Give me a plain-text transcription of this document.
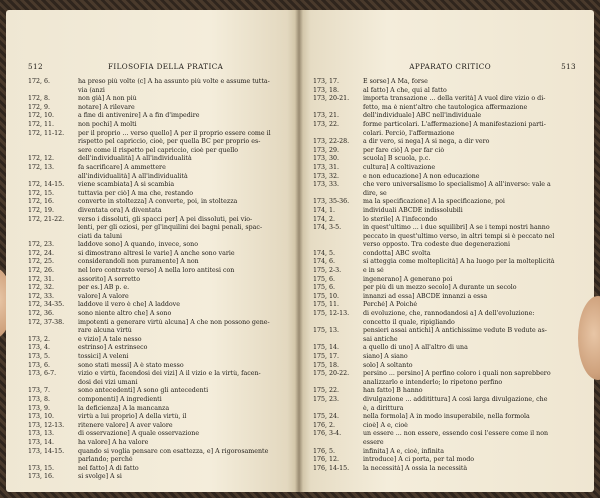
512	FILOSOFIA DELLA PRATICA
172, 6.	ha preso più volte (c] A ha assunto più volte e assume tutta-
via (anzi
172, 8.	non già] A non più
172, 9.	notare] A rilevare
172, 10.	a fine di antivenire] A a fin d'impedire
172, 11.	non pochi] A molti
172, 11-12.	per il proprio ... verso quello] A per il proprio essere come il
rispetto pel capriccio, cioè, per quella BC per proprio es-
sere come il rispetto pel capriccio, cioè per quello
172, 12.	dell'individualità] A all'individualità
172, 13.	fa sacrificare] A ammettere
all'individualità] A all'individualità
172, 14-15.	viene scambiata] A si scambia
172, 15.	tuttavia per ciò] A ma che, restando
172, 16.	converte in stoltezza] A converte, poi, in stoltezza
172, 19.	diventata ora] A diventata
172, 21-22.	verso i dissoluti, gli spacci per] A pei dissoluti, pei vio-
lenti, per gli oziosi, per gl'inquilini dei bagni penali, spac-
ciati da taluni
172, 23.	laddove sono] A quando, invece, sono
172, 24.	si dimostrano altresì le varie] A anche sono varie
172, 25.	considerandoli non puramente] A non
172, 26.	nel loro contrasto verso] A nella loro antitesi con
172, 31.	assorito] A sorretto
172, 32.	per es.] AB p. e.
172, 33.	valore] A valore
172, 34-35.	laddove il vero è che] A laddove
172, 36.	sono niente altro che] A sono
172, 37-38.	impotenti a generare virtù alcuna] A che non possono gene-
rare alcuna virtù
173, 2.	e vizio] A tale nesso
173, 4.	estrinso] A estrinseco
173, 5.	tossici] A veleni
173, 6.	sono stati messi] A è stato messo
173, 6-7.	vizio e virtù, facendosi dei vizi] A il vizio e la virtù, facen-
dosi dei vizi umani
173, 7.	sono antecedenti] A sono gli antecedenti
173, 8.	componenti] A ingredienti
173, 9.	la deficienza] A la mancanza
173, 10.	virtù a lui proprio] A della virtù, il
173, 12-13.	ritenere valore] A aver valore
173, 13.	di osservazione] A quale osservazione
173, 14.	ha valore] A ha valore
173, 14-15.	quando si voglia pensare con esattezza, e] A rigorosamente
parlando; perché
173, 15.	nel fatto] A di fatto
173, 16.	si svolge] A si
APPARATO CRITICO	513
173, 17.	E sorse] A Ma, forse
173, 18.	al fatto] A che, qui al fatto
173, 20-21.	importa transazione ... della verità] A vuol dire vizio o di-
fetto, ma è nient'altro che tautologica affermazione
173, 21.	dell'individuale] ABC nell'individuale
173, 22.	forme particolari. L'affermazione] A manifestazioni parti-
colari. Perciò, l'affermazione
173, 22-28.	a dir vero, si nega] A si nega, a dir vero
173, 29.	per fare ciò] A per far ciò
173, 30.	scuola] B scuola, p.c.
173, 31.	cultura] A coltivazione
173, 32.	e non educazione] A non educazione
173, 33.	che vero universalismo lo specialismo] A all'inverso: vale a
dire, se
173, 35-36.	ma la specificazione] A la specificazione, poi
174, 1.	individuali ABCDE indissolubili
174, 2.	lo sterile] A l'infecondo
174, 3-5.	in quest'ultimo ... i due squilibri] A se i tempi nostri hanno
peccato in quest'ultimo verso, in altri tempi si è peccato nel
verso opposto. Tra codeste due degenerazioni
174, 5.	condotta] ABC svolta
174, 6.	si atteggia come molteplicità] A ha luogo per la molteplicità
175, 2-3.	e in sé
175, 6.	ingenerano] A generano poi
175, 6.	per più di un mezzo secolo] A durante un secolo
175, 10.	innanzi ad essa] ABCDE innanzi a essa
175, 11.	Perché] A Poiché
175, 12-13.	di evoluzione, che, rannodandosi a] A dell'evoluzione:
concetto il quale, ripigliando
175, 13.	pensieri assai antichi] A antichissime vedute B vedute as-
sai antiche
175, 14.	a quello di uno] A all'altro di una
175, 17.	siano] A siano
175, 18.	solo] A soltanto
175, 20-22.	persino ... persino] A perfino coloro i quali non saprebbero
analizzarlo e intenderlo; lo ripetono perfino
175, 22.	han fatto] B hanno
175, 23.	divulgazione ... additittura] A così larga divulgazione, che
è, a dirittura
175, 24.	nella formola] A in modo insuperabile, nella formola
176, 2.	cioè] A e, cioè
176, 3-4.	un essere ... non essere, essendo così l'essere come il non
essere
176, 5.	infinita] A e, cioè, infinita
176, 12.	introduce] A ci porta, per tal modo
176, 14-15.	la necessità] A ossia la necessità
